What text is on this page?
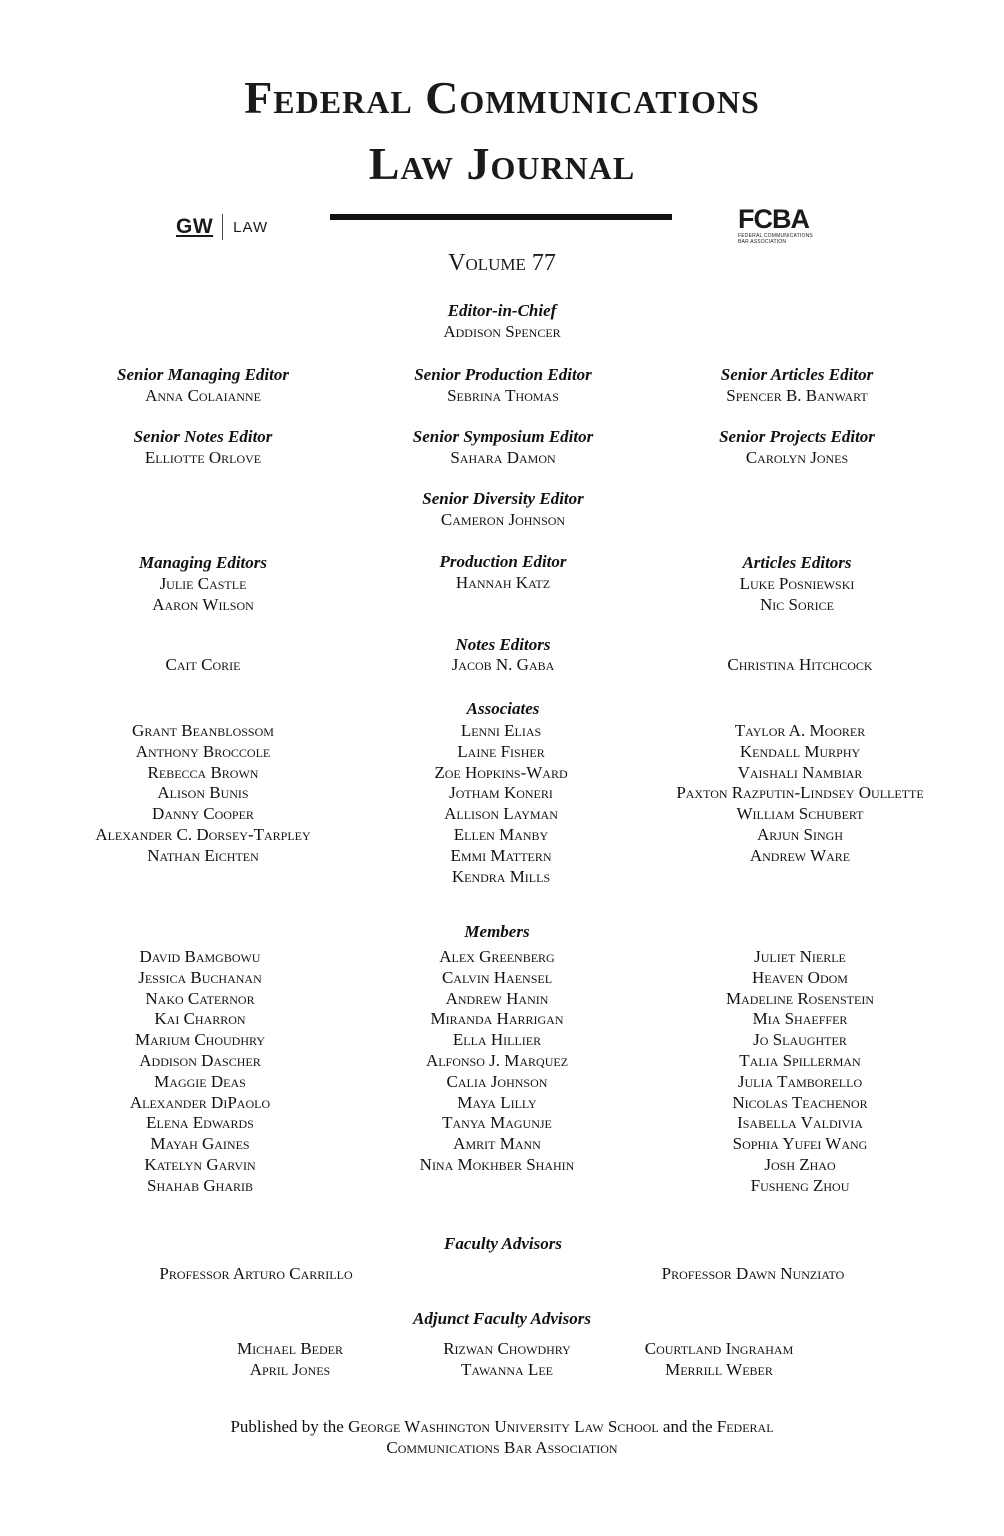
Federal Communications
Law Journal
GW LAW	FCBA
FEDERAL COMMUNICATIONS BAR ASSOCIATION
Volume 77
Editor-in-Chief
Addison Spencer
Senior Managing Editor
Anna Colaianne
Senior Production Editor
Sebrina Thomas
Senior Articles Editor
Spencer B. Banwart
Senior Notes Editor
Elliotte Orlove
Senior Symposium Editor
Sahara Damon
Senior Projects Editor
Carolyn Jones
Senior Diversity Editor
Cameron Johnson
Managing Editors
Julie Castle
Aaron Wilson
Production Editor
Hannah Katz
Articles Editors
Luke Posniewski
Nic Sorice
Notes Editors
Cait Corie	Jacob N. Gaba	Christina Hitchcock
Associates
Grant Beanblossom
Anthony Broccole
Rebecca Brown
Alison Bunis
Danny Cooper
Alexander C. Dorsey-Tarpley
Nathan Eichten
Lenni Elias
Laine Fisher
Zoe Hopkins-Ward
Jotham Koneri
Allison Layman
Ellen Manby
Emmi Mattern
Kendra Mills
Taylor A. Moorer
Kendall Murphy
Vaishali Nambiar
Paxton Razputin-Lindsey Oullette
William Schubert
Arjun Singh
Andrew Ware
Members
David Bamgbowu
Jessica Buchanan
Nako Caternor
Kai Charron
Marium Choudhry
Addison Dascher
Maggie Deas
Alexander DiPaolo
Elena Edwards
Mayah Gaines
Katelyn Garvin
Shahab Gharib
Alex Greenberg
Calvin Haensel
Andrew Hanin
Miranda Harrigan
Ella Hillier
Alfonso J. Marquez
Calia Johnson
Maya Lilly
Tanya Magunje
Amrit Mann
Nina Mokhber Shahin
Juliet Nierle
Heaven Odom
Madeline Rosenstein
Mia Shaeffer
Jo Slaughter
Talia Spillerman
Julia Tamborello
Nicolas Teachenor
Isabella Valdivia
Sophia Yufei Wang
Josh Zhao
Fusheng Zhou
Faculty Advisors
Professor Arturo Carrillo	Professor Dawn Nunziato
Adjunct Faculty Advisors
Michael Beder
April Jones
Rizwan Chowdhry
Tawanna Lee
Courtland Ingraham
Merrill Weber
Published by the George Washington University Law School and the Federal
Communications Bar Association
